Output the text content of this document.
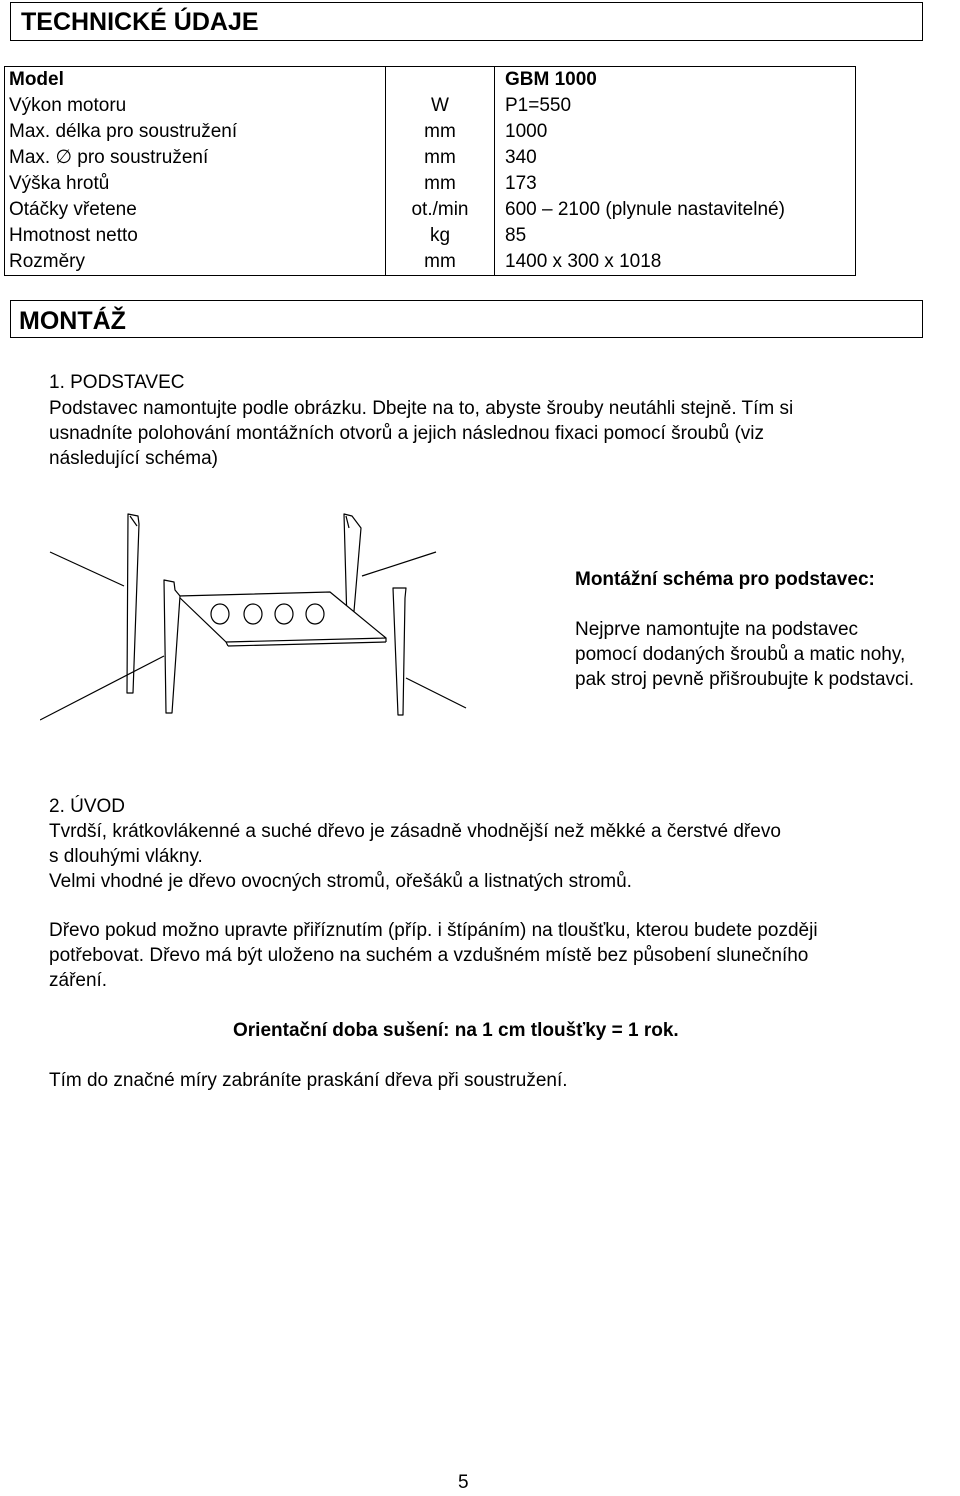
TECHNICKÉ ÚDAJE
Model		GBM 1000
Výkon motoru	W	P1=550
Max. délka pro soustružení	mm	1000
Max. ∅ pro soustružení	mm	340
Výška hrotů	mm	173
Otáčky vřetene	ot./min	600 – 2100 (plynule nastavitelné)
Hmotnost netto	kg	85
Rozměry	mm	1400 x 300 x 1018
MONTÁŽ
1. PODSTAVEC
Podstavec namontujte podle obrázku. Dbejte na to, abyste šrouby neutáhli stejně. Tím si
usnadníte polohování montážních otvorů a jejich následnou fixaci pomocí šroubů (viz
následující schéma)
Montážní schéma pro podstavec:
Nejprve namontujte na podstavec
pomocí dodaných šroubů a matic nohy,
pak stroj pevně přišroubujte k podstavci.
2. ÚVOD
Tvrdší, krátkovlákenné a suché dřevo je zásadně vhodnější než měkké a čerstvé dřevo
s dlouhými vlákny.
Velmi vhodné je dřevo ovocných stromů, ořešáků a listnatých stromů.
Dřevo pokud možno upravte přiříznutím (příp. i štípáním) na tloušťku, kterou budete později
potřebovat. Dřevo má být uloženo na suchém a vzdušném místě bez působení slunečního
záření.
Orientační doba sušení: na 1 cm tloušťky = 1 rok.
Tím do značné míry zabráníte praskání dřeva při soustružení.
5
